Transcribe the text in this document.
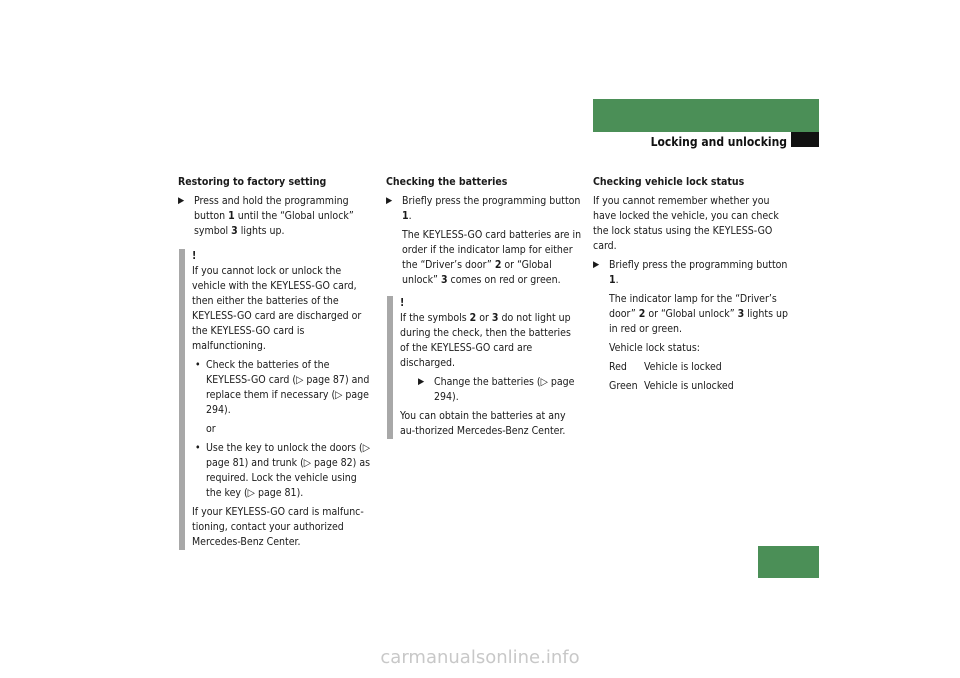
Controls in detail
Locking and unlocking
Restoring to factory setting
▶ Press and hold the programming button 1 until the “Global unlock” symbol 3 lights up.
!

If you cannot lock or unlock the vehicle with the KEYLESS-GO card, then either the batteries of the KEYLESS-GO card are discharged or the KEYLESS-GO card is malfunctioning.

• Check the batteries of the KEYLESS-GO card (▷ page 87) and replace them if necessary (▷ page 294).

or

• Use the key to unlock the doors (▷ page 81) and trunk (▷ page 82) as required. Lock the vehicle using the key (▷ page 81).

If your KEYLESS-GO card is malfunc-tioning, contact your authorized Mercedes-Benz Center.

Checking the batteries
▶ Briefly press the programming button 1.

The KEYLESS-GO card batteries are in order if the indicator lamp for either the “Driver’s door” 2 or “Global unlock” 3 comes on red or green.

!

If the symbols 2 or 3 do not light up during the check, then the batteries of the KEYLESS-GO card are discharged.

▶ Change the batteries (▷ page 294).

You can obtain the batteries at any au-thorized Mercedes-Benz Center.

Checking vehicle lock status

If you cannot remember whether you have locked the vehicle, you can check the lock status using the KEYLESS-GO card.

▶ Briefly press the programming button 1.

The indicator lamp for the “Driver’s door” 2 or “Global unlock” 3 lights up in red or green.

Vehicle lock status:

Red Vehicle is locked
Green Vehicle is unlocked
87
carmanualsonline.info
